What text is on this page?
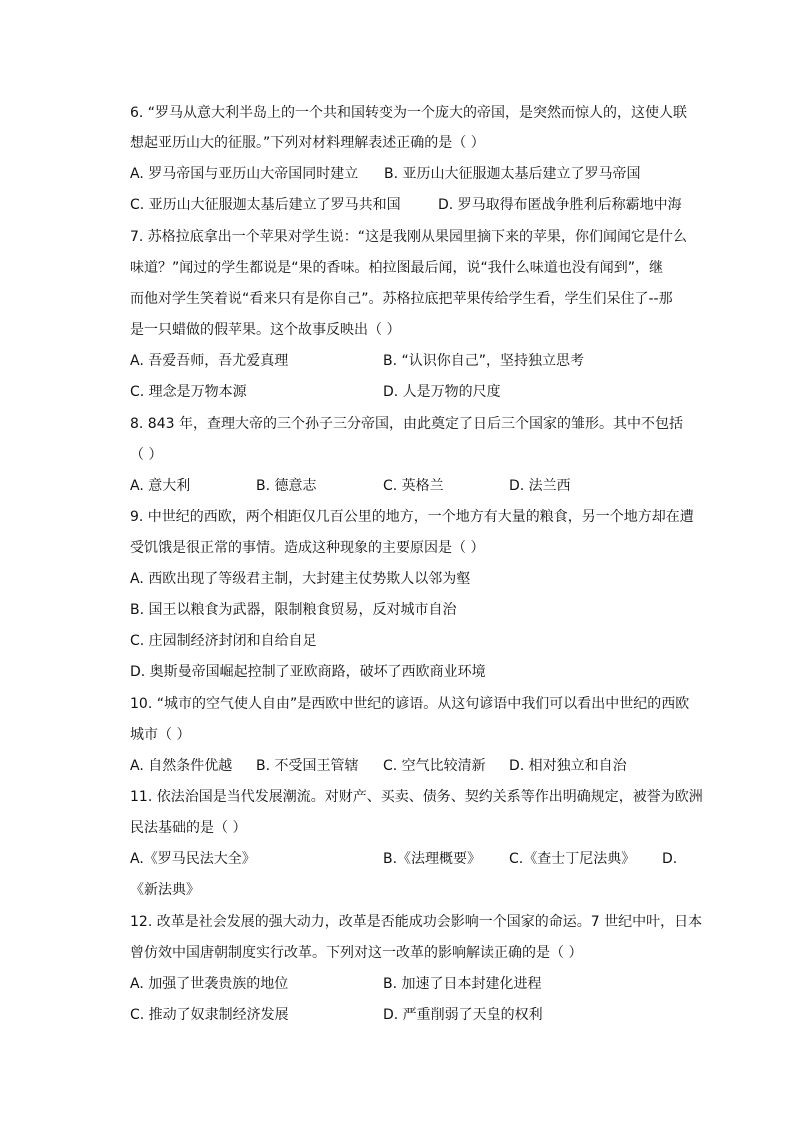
6. “罗马从意大利半岛上的一个共和国转变为一个庞大的帝国，是突然而惊人的，这使人联
想起亚历山大的征服。”下列对材料理解表述正确的是（ ）
A. 罗马帝国与亚历山大帝国同时建立 B. 亚历山大征服迦太基后建立了罗马帝国
C. 亚历山大征服迦太基后建立了罗马共和国	D. 罗马取得布匿战争胜利后称霸地中海
7. 苏格拉底拿出一个苹果对学生说：“这是我刚从果园里摘下来的苹果，你们闻闻它是什么
味道？”闻过的学生都说是“果的香味。柏拉图最后闻，说“我什么味道也没有闻到”，继
而他对学生笑着说“看来只有是你自己”。苏格拉底把苹果传给学生看，学生们呆住了--那
是一只蜡做的假苹果。这个故事反映出（ ）
A. 吾爱吾师，吾尤爱真理	B. “认识你自己”，坚持独立思考
C. 理念是万物本源	D. 人是万物的尺度
8. 843 年，查理大帝的三个孙子三分帝国，由此奠定了日后三个国家的雏形。其中不包括
（ ）
A. 意大利	B. 德意志	C. 英格兰	D. 法兰西
9. 中世纪的西欧，两个相距仅几百公里的地方，一个地方有大量的粮食，另一个地方却在遭
受饥饿是很正常的事情。造成这种现象的主要原因是（ ）
A. 西欧出现了等级君主制，大封建主仗势欺人以邻为壑
B. 国王以粮食为武器，限制粮食贸易，反对城市自治
C. 庄园制经济封闭和自给自足
D. 奥斯曼帝国崛起控制了亚欧商路，破坏了西欧商业环境
10. “城市的空气使人自由”是西欧中世纪的谚语。从这句谚语中我们可以看出中世纪的西欧
城市（ ）
A. 自然条件优越 B. 不受国王管辖 C. 空气比较清新 D. 相对独立和自治
11. 依法治国是当代发展潮流。对财产、买卖、债务、契约关系等作出明确规定，被誉为欧洲
民法基础的是（ ）
A.《罗马民法大全》	B.《法理概要》 C.《查士丁尼法典》 D.
《新法典》
12. 改革是社会发展的强大动力，改革是否能成功会影响一个国家的命运。7 世纪中叶，日本
曾仿效中国唐朝制度实行改革。下列对这一改革的影响解读正确的是（ ）
A. 加强了世袭贵族的地位	B. 加速了日本封建化进程
C. 推动了奴隶制经济发展	D. 严重削弱了天皇的权利
